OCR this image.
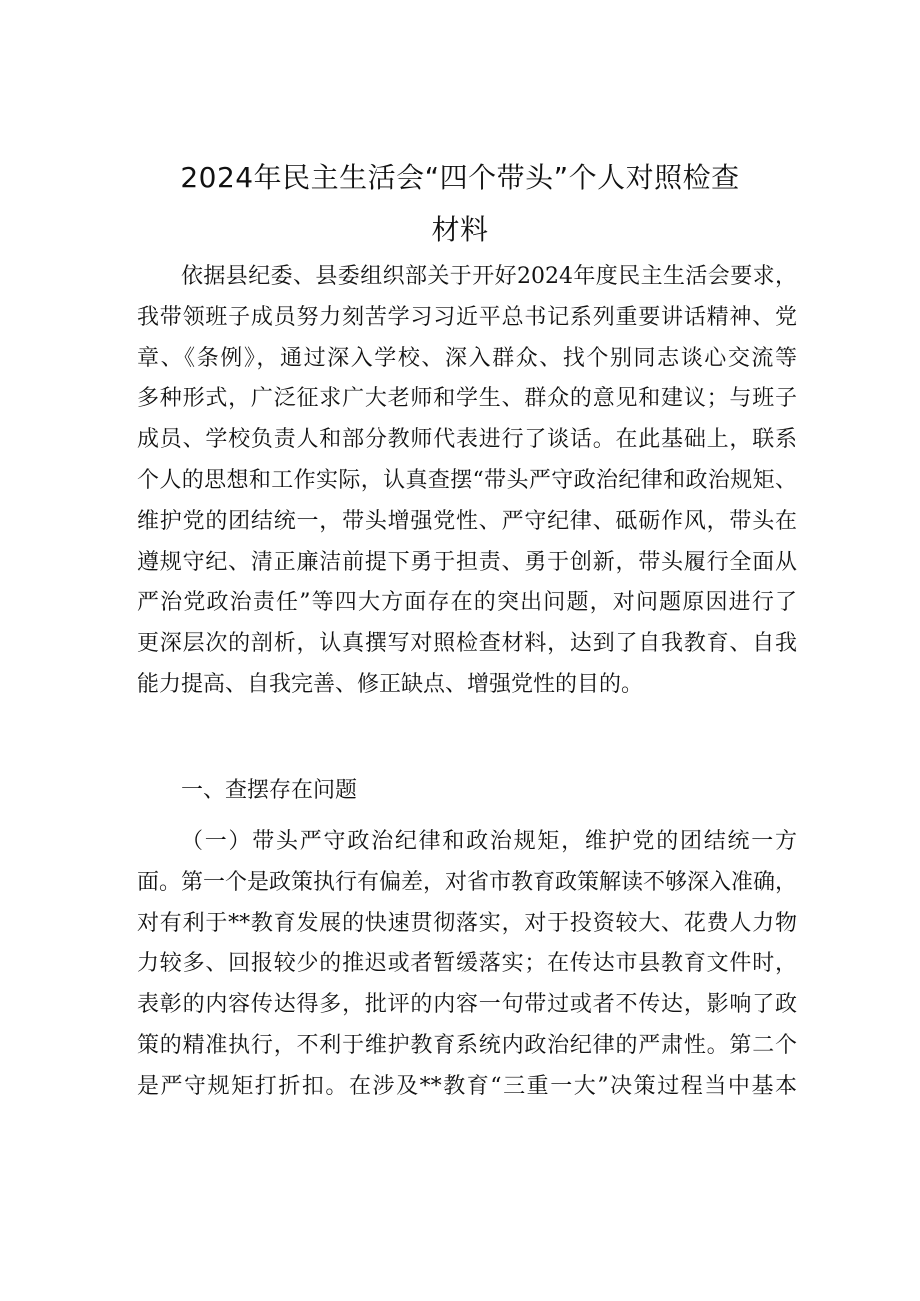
2024年民主生活会“四个带头”个人对照检查
材料
依据县纪委、县委组织部关于开好2024年度民主生活会要求，
我带领班子成员努力刻苦学习习近平总书记系列重要讲话精神、党
章、《条例》，通过深入学校、深入群众、找个别同志谈心交流等
多种形式，广泛征求广大老师和学生、群众的意见和建议；与班子
成员、学校负责人和部分教师代表进行了谈话。在此基础上，联系
个人的思想和工作实际，认真查摆“带头严守政治纪律和政治规矩、
维护党的团结统一，带头增强党性、严守纪律、砥砺作风，带头在
遵规守纪、清正廉洁前提下勇于担责、勇于创新，带头履行全面从
严治党政治责任”等四大方面存在的突出问题，对问题原因进行了
更深层次的剖析，认真撰写对照检查材料，达到了自我教育、自我
能力提高、自我完善、修正缺点、增强党性的目的。
一、查摆存在问题
（一）带头严守政治纪律和政治规矩，维护党的团结统一方
面。第一个是政策执行有偏差，对省市教育政策解读不够深入准确，
对有利于**教育发展的快速贯彻落实，对于投资较大、花费人力物
力较多、回报较少的推迟或者暂缓落实；在传达市县教育文件时，
表彰的内容传达得多，批评的内容一句带过或者不传达，影响了政
策的精准执行，不利于维护教育系统内政治纪律的严肃性。第二个
是严守规矩打折扣。在涉及**教育“三重一大”决策过程当中基本
